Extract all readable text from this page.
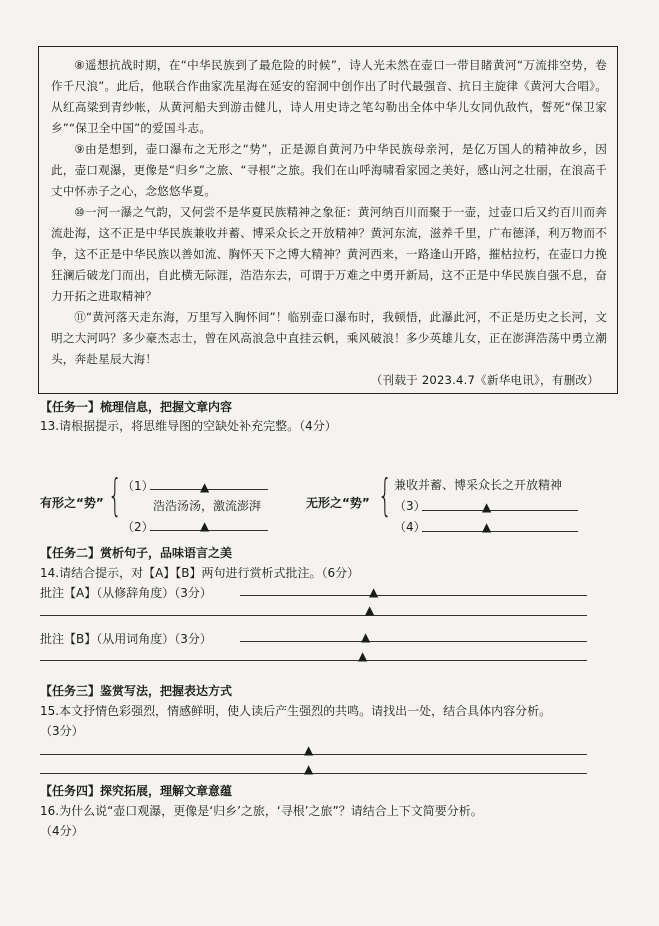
⑧遥想抗战时期，在“中华民族到了最危险的时候”，诗人光未然在壶口一带目睹黄河“万流排空势，卷作千尺浪”。此后，他联合作曲家冼星海在延安的窑洞中创作出了时代最强音、抗日主旋律《黄河大合唱》。从红高粱到青纱帐，从黄河船夫到游击健儿，诗人用史诗之笔勾勒出全体中华儿女同仇敌忾，誓死“保卫家乡”“保卫全中国”的爱国斗志。

⑨由是想到，壶口瀑布之无形之“势”，正是源自黄河乃中华民族母亲河，是亿万国人的精神故乡，因此，壶口观瀑，更像是“归乡”之旅、“寻根”之旅。我们在山呼海啸看家园之美好，感山河之壮丽，在浪高千丈中怀赤子之心，念悠悠华夏。

⑩一河一瀑之气韵，又何尝不是华夏民族精神之象征：黄河纳百川而聚于一壶，过壶口后又约百川而奔流赴海，这不正是中华民族兼收并蓄、博采众长之开放精神？黄河东流，滋养千里，广布德泽，利万物而不争，这不正是中华民族以善如流、胸怀天下之博大精神？黄河西来，一路逢山开路，摧枯拉朽，在壶口力挽狂澜后破龙门而出，自此横无际涯，浩浩东去，可谓于万难之中勇开新局，这不正是中华民族自强不息，奋力开拓之进取精神？

⑪“黄河落天走东海，万里写入胸怀间”！临别壶口瀑布时，我顿悟，此瀑此河，不正是历史之长河，文明之大河吗？多少豪杰志士，曾在风高浪急中直挂云帆，乘风破浪！多少英雄儿女，正在澎湃浩荡中勇立潮头，奔赴星辰大海！

（刊载于 2023.4.7《新华电讯》，有删改）
【任务一】梳理信息，把握文章内容
13.请根据提示，将思维导图的空缺处补充完整。（4分）
有形之“势” { （1）	▲
浩浩汤汤，激流澎湃
（2）	▲
无形之“势” { 兼收并蓄、博采众长之开放精神
（3）	▲
（4）	▲
【任务二】赏析句子，品味语言之美
14.请结合提示，对【A】【B】两句进行赏析式批注。（6分）
批注【A】（从修辞角度）（3分）	▲
▲
批注【B】（从用词角度）（3分）	▲
▲
【任务三】鉴赏写法，把握表达方式
15.本文抒情色彩强烈，情感鲜明，使人读后产生强烈的共鸣。请找出一处，结合具体内容分析。
（3分）
▲
▲
【任务四】探究拓展，理解文章意蕴
16.为什么说“壶口观瀑，更像是‘归乡’之旅，‘寻根’之旅”？请结合上下文简要分析。
（4分）
